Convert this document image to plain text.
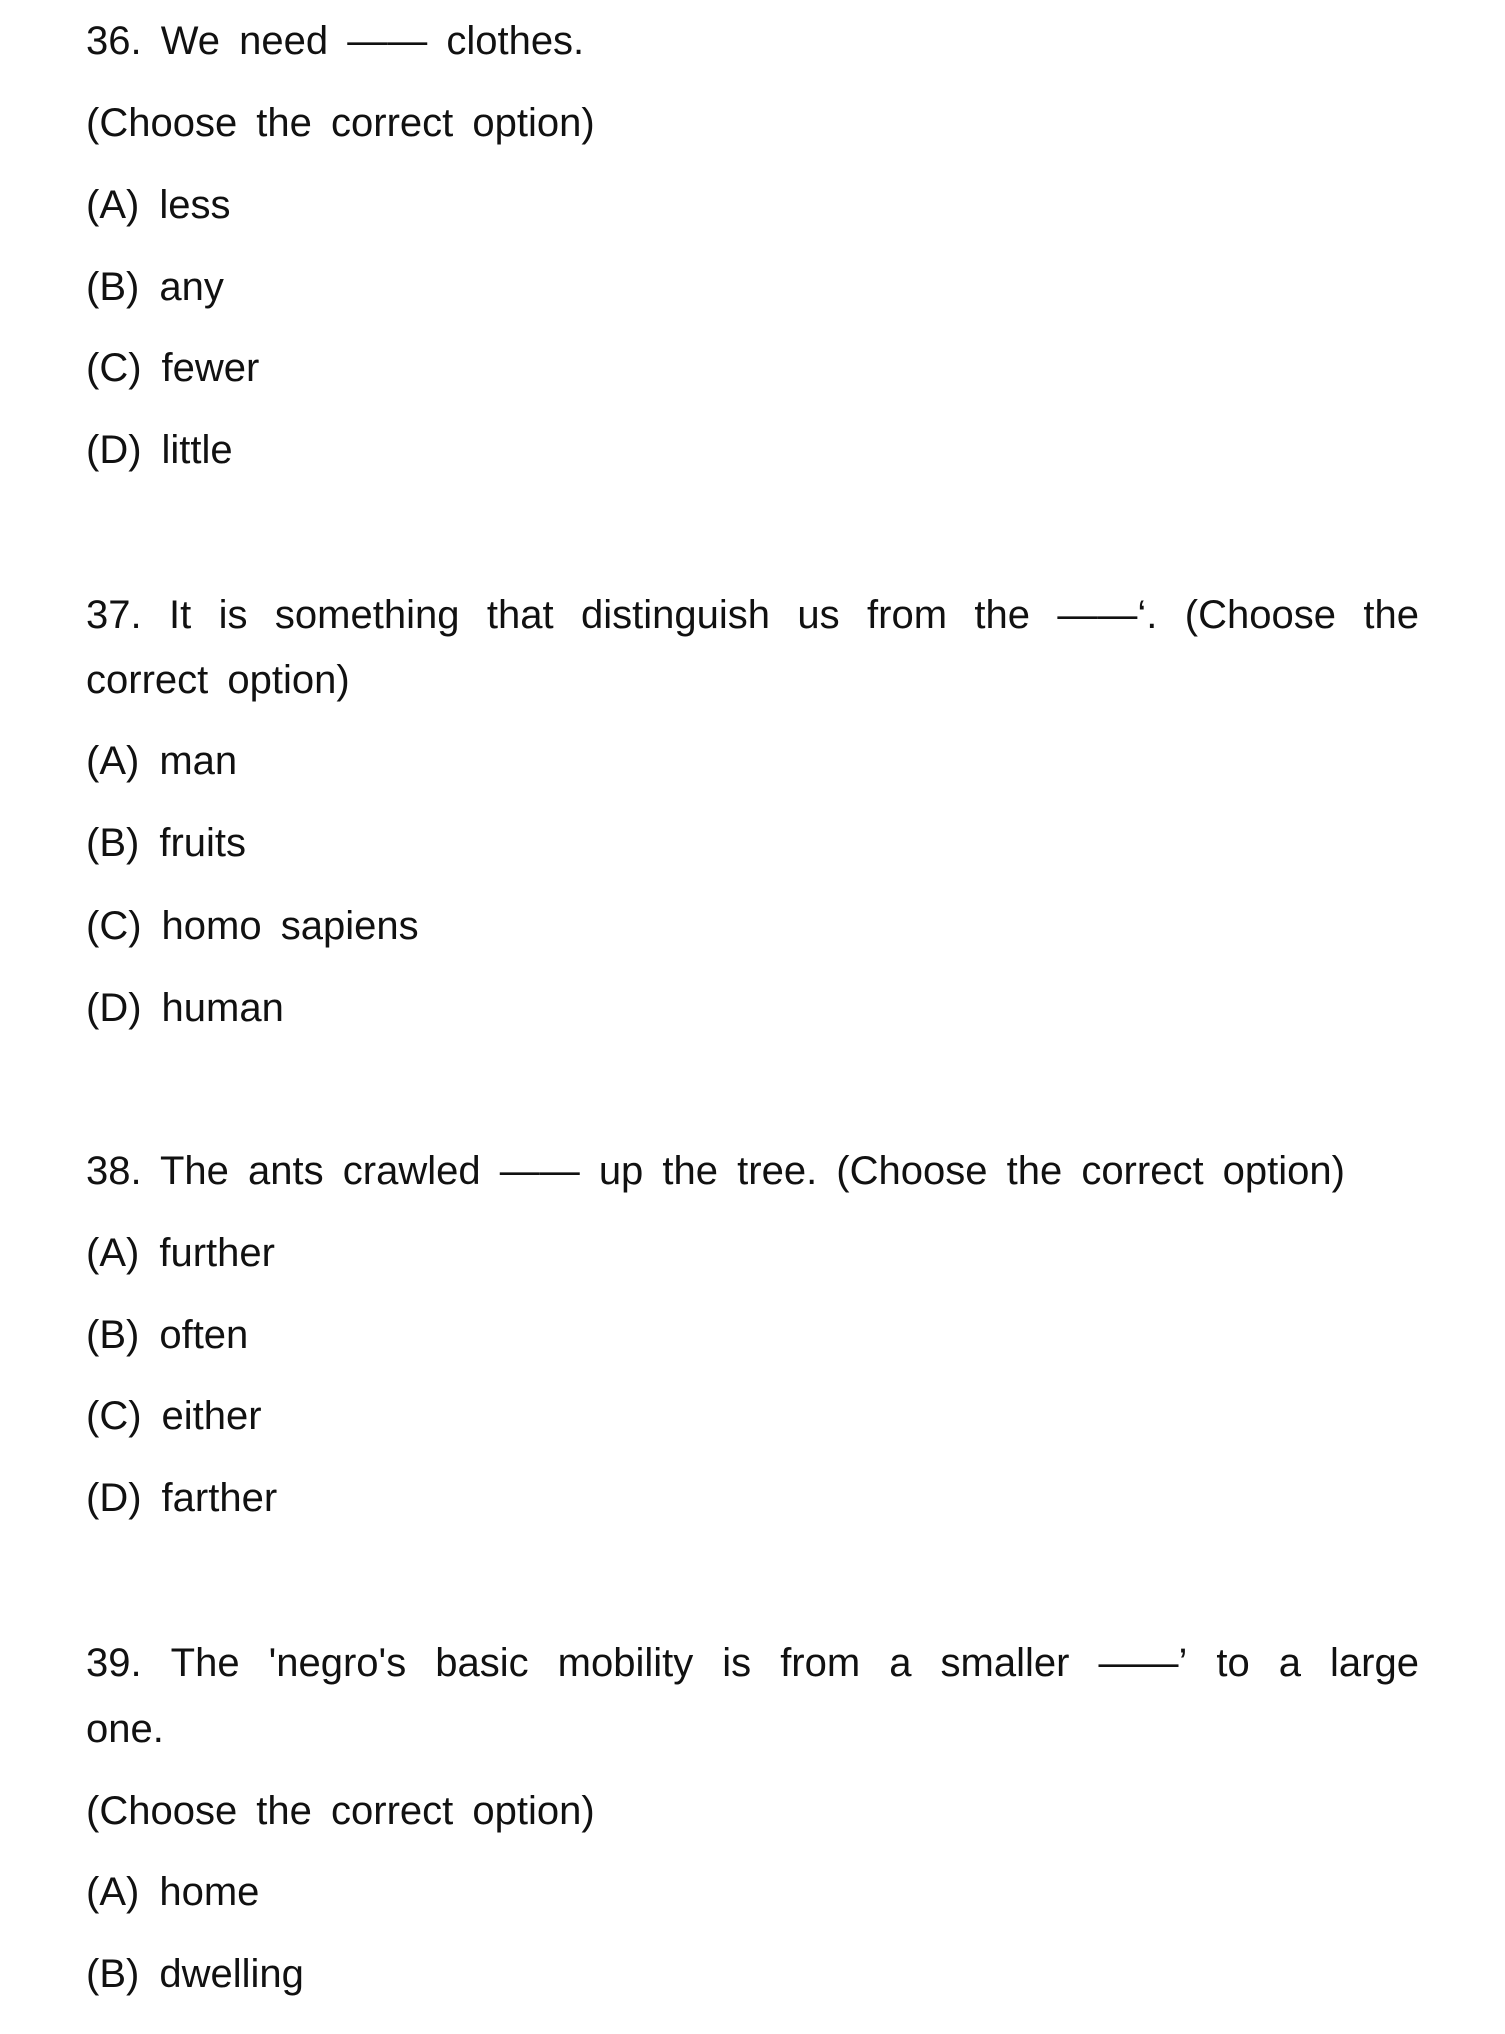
36. We need —— clothes.
(Choose the correct option)
(A) less
(B) any
(C) fewer
(D) little
37. It is something that distinguish us from the ——‘. (Choose the
correct option)
(A) man
(B) fruits
(C) homo sapiens
(D) human
38. The ants crawled —— up the tree. (Choose the correct option)
(A) further
(B) often
(C) either
(D) farther
39. The 'negro's basic mobility is from a smaller ——’ to a large
one.
(Choose the correct option)
(A) home
(B) dwelling
